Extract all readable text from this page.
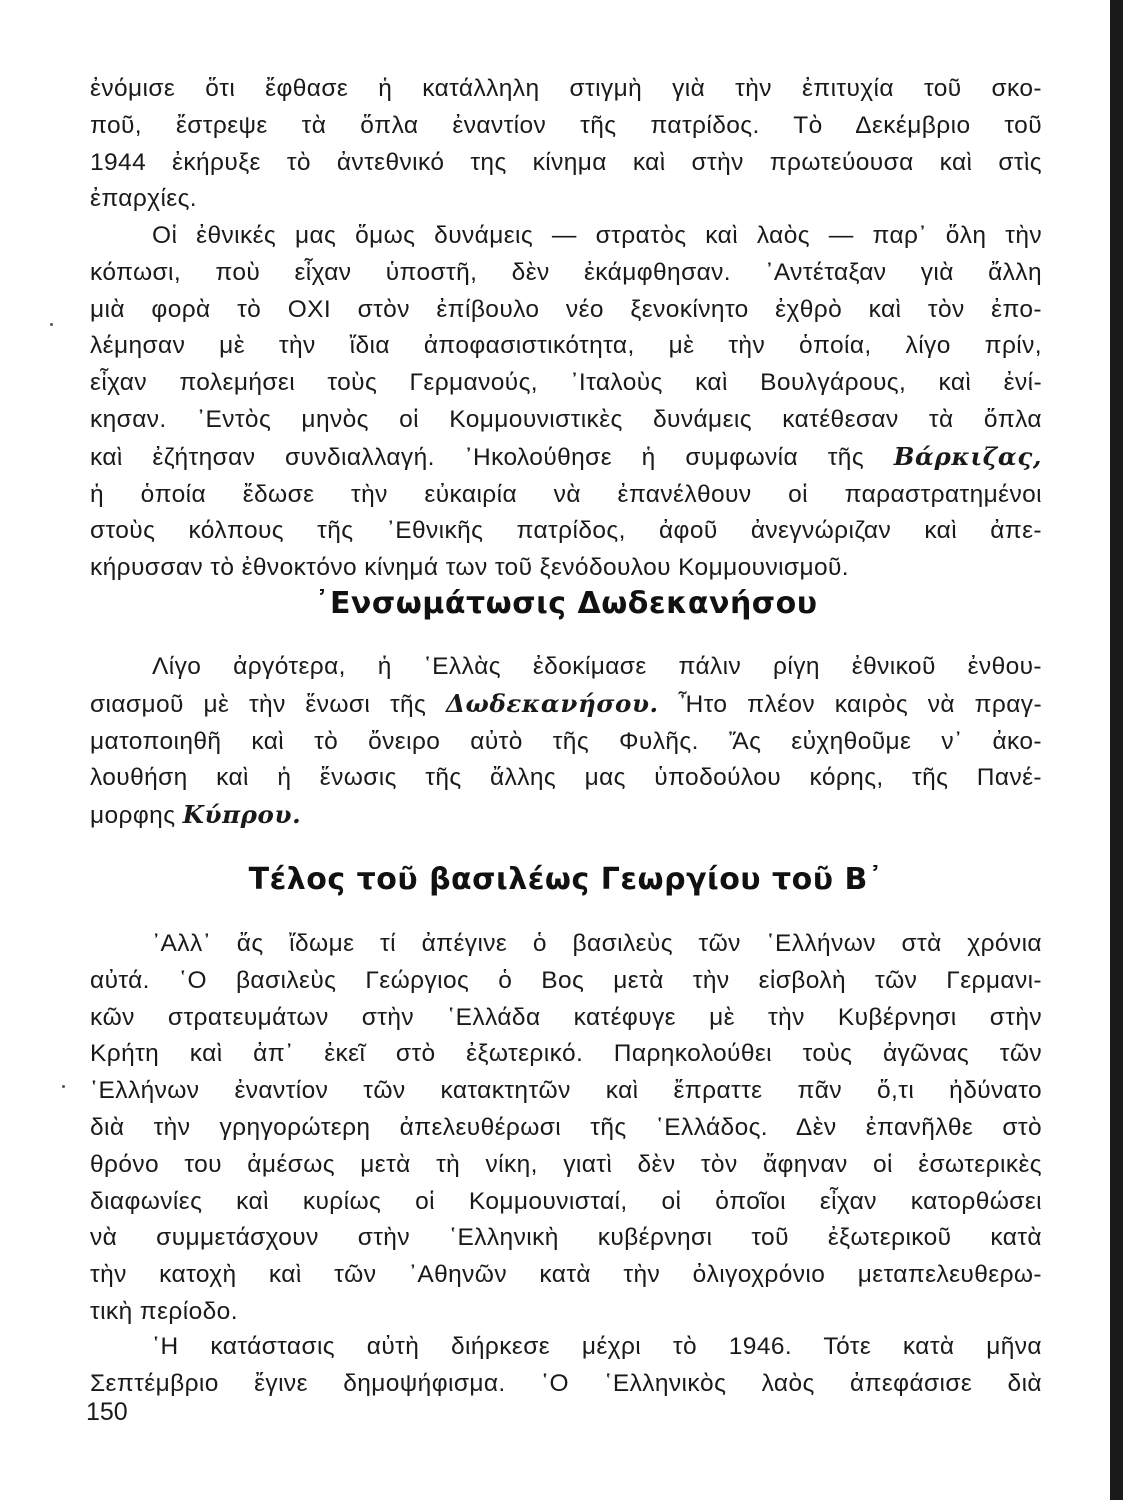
ἐνόμισε ὅτι ἔφθασε ἡ κατάλληλη στιγμὴ γιὰ τὴν ἐπιτυχία τοῦ σκο-
ποῦ, ἔστρεψε τὰ ὅπλα ἐναντίον τῆς πατρίδος. Τὸ Δεκέμβριο τοῦ
1944 ἐκήρυξε τὸ ἀντεθνικό της κίνημα καὶ στὴν πρωτεύουσα καὶ στὶς
ἐπαρχίες.
Οἱ ἐθνικές μας ὅμως δυνάμεις — στρατὸς καὶ λαὸς — παρ᾽ ὅλη τὴν
κόπωσι, ποὺ εἶχαν ὑποστῆ, δὲν ἐκάμφθησαν. ᾽Αντέταξαν γιὰ ἄλλη
μιὰ φορὰ τὸ ΟΧΙ στὸν ἐπίβουλο νέο ξενοκίνητο ἐχθρὸ καὶ τὸν ἐπο-
λέμησαν μὲ τὴν ἴδια ἀποφασιστικότητα, μὲ τὴν ὁποία, λίγο πρίν,
εἶχαν πολεμήσει τοὺς Γερμανούς, ᾽Ιταλοὺς καὶ Βουλγάρους, καὶ ἐνί-
κησαν. ᾽Εντὸς μηνὸς οἱ Κομμουνιστικὲς δυνάμεις κατέθεσαν τὰ ὅπλα
καὶ ἐζήτησαν συνδιαλλαγή. ᾽Ηκολούθησε ἡ συμφωνία τῆς Βάρκιζας,
ἡ ὁποία ἔδωσε τὴν εὐκαιρία νὰ ἐπανέλθουν οἱ παραστρατημένοι
στοὺς κόλπους τῆς ᾽Εθνικῆς πατρίδος, ἀφοῦ ἀνεγνώριζαν καὶ ἀπε-
κήρυσσαν τὸ ἐθνοκτόνο κίνημά των τοῦ ξενόδουλου Κομμουνισμοῦ.
᾽Ενσωμάτωσις Δωδεκανήσου
Λίγο ἀργότερα, ἡ ῾Ελλὰς ἐδοκίμασε πάλιν ρίγη ἐθνικοῦ ἐνθου-
σιασμοῦ μὲ τὴν ἕνωσι τῆς Δωδεκανήσου. Ἦτο πλέον καιρὸς νὰ πραγ-
ματοποιηθῆ καὶ τὸ ὄνειρο αὐτὸ τῆς Φυλῆς. Ἄς εὐχηθοῦμε ν᾽ ἀκο-
λουθήση καὶ ἡ ἕνωσις τῆς ἄλλης μας ὑποδούλου κόρης, τῆς Πανέ-
μορφης Κύπρου.
Τέλος τοῦ βασιλέως Γεωργίου τοῦ Β᾽
᾽Αλλ᾽ ἄς ἴδωμε τί ἀπέγινε ὁ βασιλεὺς τῶν ῾Ελλήνων στὰ χρόνια
αὐτά. ῾Ο βασιλεὺς Γεώργιος ὁ Βος μετὰ τὴν εἰσβολὴ τῶν Γερμανι-
κῶν στρατευμάτων στὴν ῾Ελλάδα κατέφυγε μὲ τὴν Κυβέρνησι στὴν
Κρήτη καὶ ἀπ᾽ ἐκεῖ στὸ ἐξωτερικό. Παρηκολούθει τοὺς ἀγῶνας τῶν
῾Ελλήνων ἐναντίον τῶν κατακτητῶν καὶ ἔπραττε πᾶν ὅ,τι ἠδύνατο
διὰ τὴν γρηγορώτερη ἀπελευθέρωσι τῆς ῾Ελλάδος. Δὲν ἐπανῆλθε στὸ
θρόνο του ἀμέσως μετὰ τὴ νίκη, γιατὶ δὲν τὸν ἄφηναν οἱ ἐσωτερικὲς
διαφωνίες καὶ κυρίως οἱ Κομμουνισταί, οἱ ὁποῖοι εἶχαν κατορθώσει
νὰ συμμετάσχουν στὴν ῾Ελληνικὴ κυβέρνησι τοῦ ἐξωτερικοῦ κατὰ
τὴν κατοχὴ καὶ τῶν ᾽Αθηνῶν κατὰ τὴν ὀλιγοχρόνιο μεταπελευθερω-
τικὴ περίοδο.
῾Η κατάστασις αὐτὴ διήρκεσε μέχρι τὸ 1946. Τότε κατὰ μῆνα
Σεπτέμβριο ἔγινε δημοψήφισμα. ῾Ο ῾Ελληνικὸς λαὸς ἀπεφάσισε διὰ
150
